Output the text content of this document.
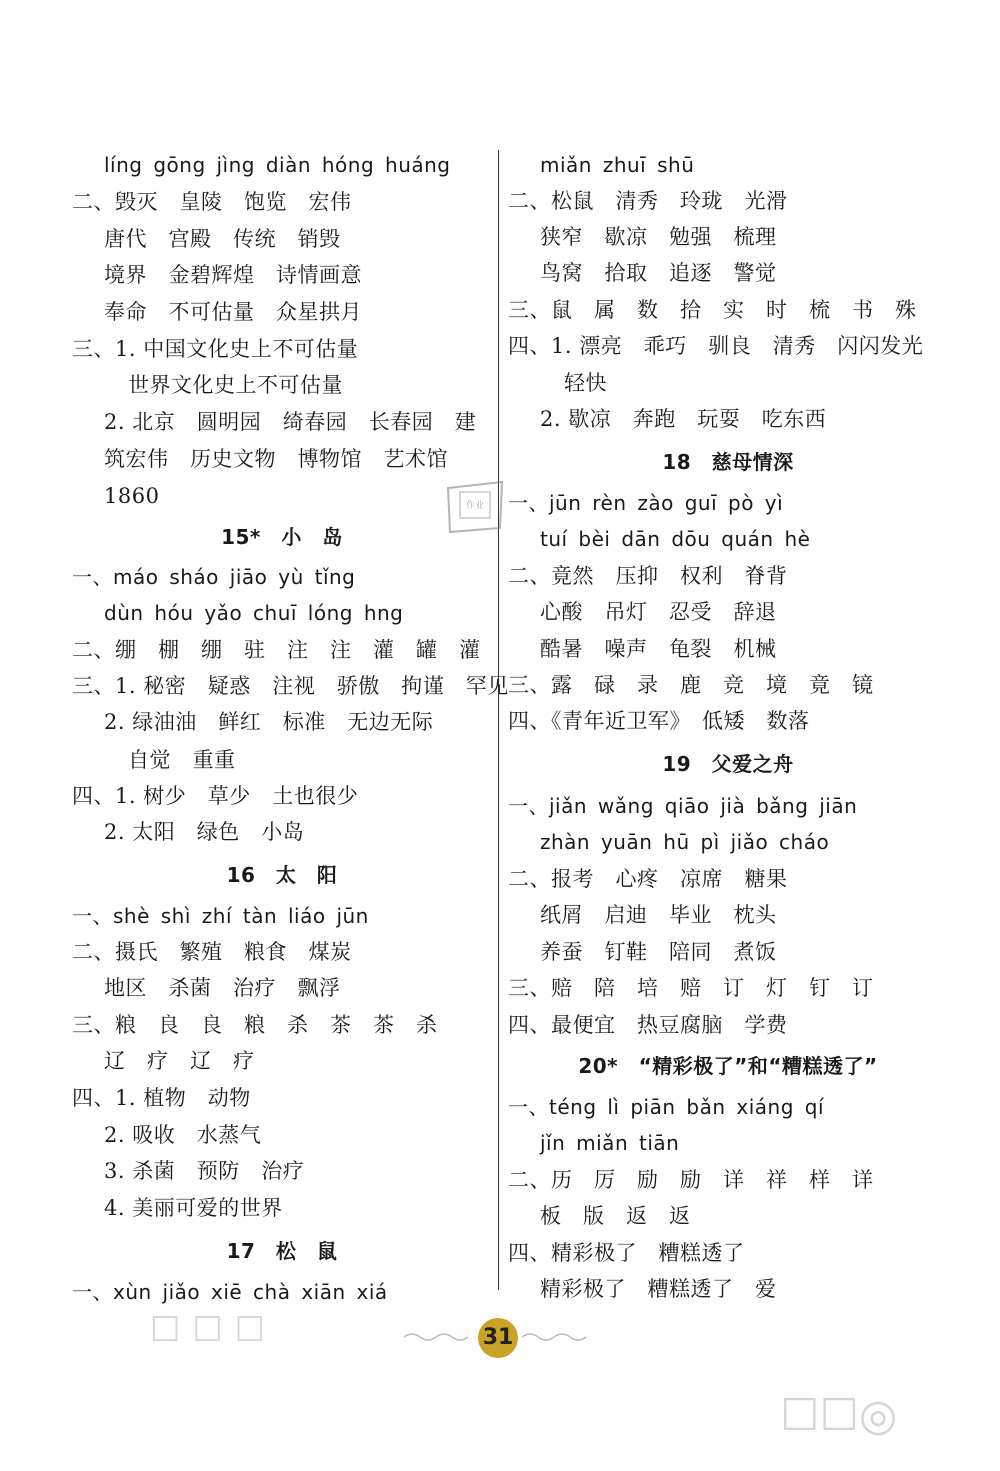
líng gōng jìng diàn hóng huáng
二、毁灭　皇陵　饱览　宏伟
唐代　宫殿　传统　销毁
境界　金碧辉煌　诗情画意
奉命　不可估量　众星拱月
三、1. 中国文化史上不可估量
世界文化史上不可估量
2. 北京　圆明园　绮春园　长春园　建
筑宏伟　历史文物　博物馆　艺术馆
1860
15*　小　岛
一、máo sháo jiāo yù tǐng
dùn hóu yǎo chuī lóng hng
二、绷　棚　绷　驻　注　注　灌　罐　灌
三、1. 秘密　疑惑　注视　骄傲　拘谨　罕见
2. 绿油油　鲜红　标准　无边无际
自觉　重重
四、1. 树少　草少　土也很少
2. 太阳　绿色　小岛
16　太　阳
一、shè shì zhí tàn liáo jūn
二、摄氏　繁殖　粮食　煤炭
地区　杀菌　治疗　飘浮
三、粮　良　良　粮　杀　茶　茶　杀
辽　疗　辽　疗
四、1. 植物　动物
2. 吸收　水蒸气
3. 杀菌　预防　治疗
4. 美丽可爱的世界
17　松　鼠
一、xùn jiǎo xiē chà xiān xiá
miǎn zhuī shū
二、松鼠　清秀　玲珑　光滑
狭窄　歇凉　勉强　梳理
鸟窝　拾取　追逐　警觉
三、鼠　属　数　拾　实　时　梳　书　殊
四、1. 漂亮　乖巧　驯良　清秀　闪闪发光
轻快
2. 歇凉　奔跑　玩耍　吃东西
18　慈母情深
一、jūn rèn zào guī pò yì
tuí bèi dān dōu quán hè
二、竟然　压抑　权利　脊背
心酸　吊灯　忍受　辞退
酷暑　噪声　龟裂　机械
三、露　碌　录　鹿　竞　境　竟　镜
四、《青年近卫军》　低矮　数落
19　父爱之舟
一、jiǎn wǎng qiāo jià bǎng jiān
zhàn yuān hū pì jiǎo cháo
二、报考　心疼　凉席　糖果
纸屑　启迪　毕业　枕头
养蚕　钉鞋　陪同　煮饭
三、赔　陪　培　赔　订　灯　钉　订
四、最便宜　热豆腐脑　学费
20*　“精彩极了”和“糟糕透了”
一、téng lì piān bǎn xiáng qí
jǐn miǎn tiān
二、历　厉　励　励　详　祥　样　详
板　版　返　返
四、精彩极了　糟糕透了
精彩极了　糟糕透了　爱
作业
31
☐ ☐ ☐
☐☐◎
